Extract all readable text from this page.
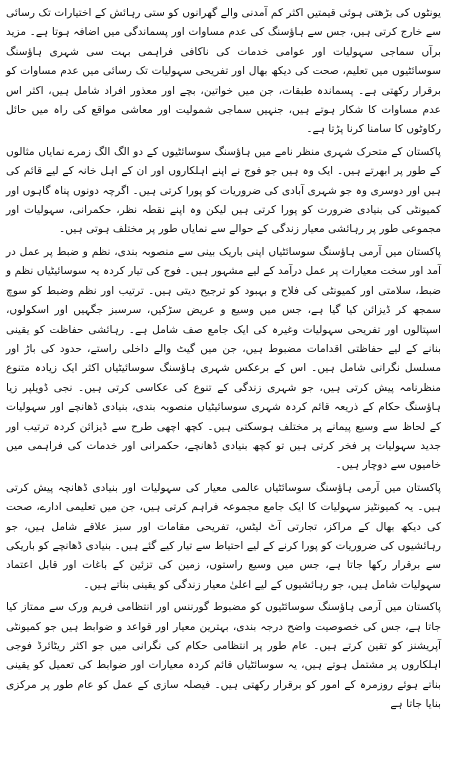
یونٹوں کی بڑھتی ہوئی قیمتیں اکثر کم آمدنی والے گھرانوں کو ستی رہائش کے اختیارات تک رسائی سے خارج کرتی ہیں، جس سے ہاؤسنگ کی عدم مساوات اور پسماندگی میں اضافہ ہوتا ہے۔ مزید برآں سماجی سہولیات اور عوامی خدمات کی ناکافی فراہمی بہت سی شہری ہاؤسنگ سوسائٹیوں میں تعلیم، صحت کی دیکھ بھال اور تفریحی سہولیات تک رسائی میں عدم مساوات کو برقرار رکھتی ہے۔ پسماندہ طبقات، جن میں خواتین، بچے اور معذور افراد شامل ہیں، اکثر اس عدم مساوات کا شکار ہوتے ہیں، جنہیں سماجی شمولیت اور معاشی مواقع کی راہ میں حائل رکاوٹوں کا سامنا کرنا پڑتا ہے۔

پاکستان کے متحرک شہری منظر نامے میں ہاؤسنگ سوسائٹیوں کے دو الگ الگ زمرے نمایاں مثالوں کے طور پر ابھرتے ہیں۔ ایک وہ ہیں جو فوج نے اپنے اہلکاروں اور ان کے اہل خانہ کے لیے قائم کی ہیں اور دوسری وہ جو شہری آبادی کی ضروریات کو پورا کرتی ہیں۔ اگرچہ دونوں پناہ گاہوں اور کمیونٹی کی بنیادی ضرورت کو پورا کرتی ہیں لیکن وہ اپنے نقطہ نظر، حکمرانی، سہولیات اور مجموعی طور پر رہائشی معیار زندگی کے حوالے سے نمایاں طور پر مختلف ہوتی ہیں۔

پاکستان میں آرمی ہاؤسنگ سوسائٹیاں اپنی باریک بینی سے منصوبہ بندی، نظم و ضبط پر عمل در آمد اور سخت معیارات پر عمل درآمد کے لیے مشہور ہیں۔ فوج کی تیار کردہ یہ سوسائیٹیاں نظم و ضبط، سلامتی اور کمیونٹی کی فلاح و بہبود کو ترجیح دیتی ہیں۔ ترتیب اور نظم وضبط کو سوچ سمجھ کر ڈیزائن کیا گیا ہے، جس میں وسیع و عریض سڑکیں، سرسبز جگہیں اور اسکولوں، اسپتالوں اور تفریحی سہولیات وغیرہ کی ایک جامع صف شامل ہے۔ رہائشی حفاظت کو یقینی بنانے کے لیے حفاظتی اقدامات مضبوط ہیں، جن میں گیٹ والے داخلی راستے، حدود کی باڑ اور مسلسل نگرانی شامل ہیں۔ اس کے برعکس شہری ہاؤسنگ سوسائیٹیاں اکثر ایک زیادہ متنوع منظرنامہ پیش کرتی ہیں، جو شہری زندگی کے تنوع کی عکاسی کرتی ہیں۔ نجی ڈویلپر زیا ہاؤسنگ حکام کے ذریعہ قائم کردہ شہری سوسائیٹیاں منصوبہ بندی، بنیادی ڈھانچے اور سہولیات کے لحاظ سے وسیع پیمانے پر مختلف ہوسکتی ہیں۔ کچھ اچھی طرح سے ڈیزائن کردہ ترتیب اور جدید سہولیات پر فخر کرتی ہیں تو کچھ بنیادی ڈھانچے، حکمرانی اور خدمات کی فراہمی میں خامیوں سے دوچار ہیں۔

پاکستان میں آرمی ہاؤسنگ سوسائٹیاں عالمی معیار کی سہولیات اور بنیادی ڈھانچہ پیش کرتی ہیں۔ یہ کمیونٹیز سہولیات کا ایک جامع مجموعہ فراہم کرتی ہیں، جن میں تعلیمی ادارے، صحت کی دیکھ بھال کے مراکز، تجارتی آٹ لیٹس، تفریحی مقامات اور سبز علاقے شامل ہیں، جو رہائشیوں کی ضروریات کو پورا کرنے کے لیے احتیاط سے تیار کیے گئے ہیں۔ بنیادی ڈھانچے کو باریکی سے برقرار رکھا جاتا ہے، جس میں وسیع راستوں، زمین کی تزئین کے باغات اور قابل اعتماد سہولیات شامل ہیں، جو رہائشیوں کے لیے اعلیٰ معیار زندگی کو یقینی بناتے ہیں۔

پاکستان میں آرمی ہاؤسنگ سوسائٹیوں کو مضبوط گورننس اور انتظامی فریم ورک سے ممتاز کیا جاتا ہے، جس کی خصوصیت واضح درجہ بندی، بہترین معیار اور قواعد و ضوابط ہیں جو کمیونٹی آپریشنز کو تقین کرتے ہیں۔ عام طور پر انتظامی حکام کی نگرانی میں جو اکثر ریٹائرڈ فوجی اہلکاروں پر مشتمل ہوتے ہیں، یہ سوسائٹیاں قائم کردہ معیارات اور ضوابط کی تعمیل کو یقینی بناتے ہوئے روزمرہ کے امور کو برقرار رکھتی ہیں۔ فیصلہ سازی کے عمل کو عام طور پر مرکزی بنایا جاتا ہے
